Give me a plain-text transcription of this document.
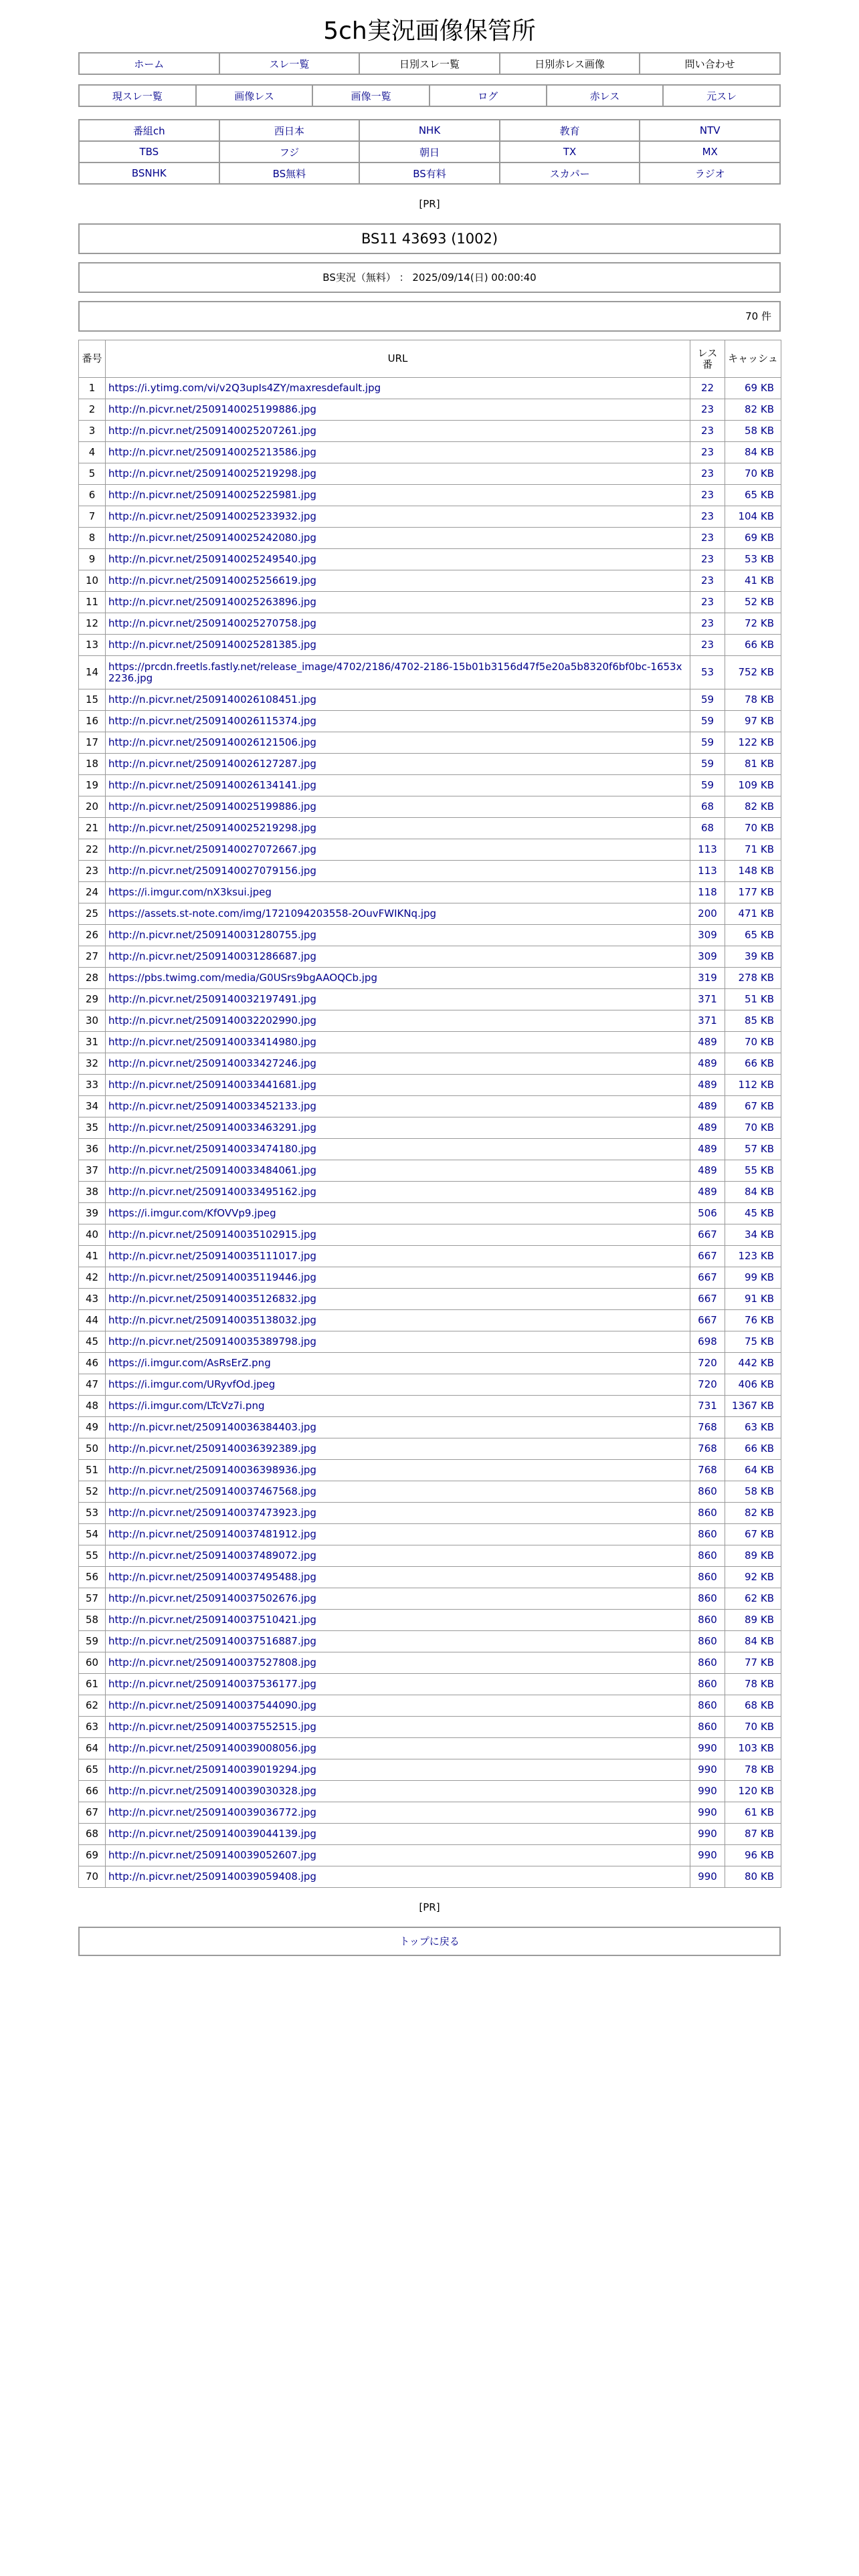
5ch実況画像保管所
ホーム	スレ一覧	日別スレ一覧	日別赤レス画像	問い合わせ
現スレ一覧	画像レス	画像一覧	ログ	赤レス	元スレ
番組ch	西日本	NHK	教育	NTV
TBS	フジ	朝日	TX	MX
BSNHK	BS無料	BS有料	スカパー	ラジオ
[PR]
BS11 43693 (1002)
BS実況（無料） ： 2025/09/14(日) 00:00:40
70 件
番号	URL	レス番	キャッシュ
1	https://i.ytimg.com/vi/v2Q3upIs4ZY/maxresdefault.jpg	22	69 KB
2	http://n.picvr.net/2509140025199886.jpg	23	82 KB
3	http://n.picvr.net/2509140025207261.jpg	23	58 KB
4	http://n.picvr.net/2509140025213586.jpg	23	84 KB
5	http://n.picvr.net/2509140025219298.jpg	23	70 KB
6	http://n.picvr.net/2509140025225981.jpg	23	65 KB
7	http://n.picvr.net/2509140025233932.jpg	23	104 KB
8	http://n.picvr.net/2509140025242080.jpg	23	69 KB
9	http://n.picvr.net/2509140025249540.jpg	23	53 KB
10	http://n.picvr.net/2509140025256619.jpg	23	41 KB
11	http://n.picvr.net/2509140025263896.jpg	23	52 KB
12	http://n.picvr.net/2509140025270758.jpg	23	72 KB
13	http://n.picvr.net/2509140025281385.jpg	23	66 KB
14	https://prcdn.freetls.fastly.net/release_image/4702/2186/4702-2186-15b01b3156d47f5e20a5b8320f6bf0bc-1653x2236.jpg	53	752 KB
15	http://n.picvr.net/2509140026108451.jpg	59	78 KB
16	http://n.picvr.net/2509140026115374.jpg	59	97 KB
17	http://n.picvr.net/2509140026121506.jpg	59	122 KB
18	http://n.picvr.net/2509140026127287.jpg	59	81 KB
19	http://n.picvr.net/2509140026134141.jpg	59	109 KB
20	http://n.picvr.net/2509140025199886.jpg	68	82 KB
21	http://n.picvr.net/2509140025219298.jpg	68	70 KB
22	http://n.picvr.net/2509140027072667.jpg	113	71 KB
23	http://n.picvr.net/2509140027079156.jpg	113	148 KB
24	https://i.imgur.com/nX3ksui.jpeg	118	177 KB
25	https://assets.st-note.com/img/1721094203558-2OuvFWIKNq.jpg	200	471 KB
26	http://n.picvr.net/2509140031280755.jpg	309	65 KB
27	http://n.picvr.net/2509140031286687.jpg	309	39 KB
28	https://pbs.twimg.com/media/G0USrs9bgAAOQCb.jpg	319	278 KB
29	http://n.picvr.net/2509140032197491.jpg	371	51 KB
30	http://n.picvr.net/2509140032202990.jpg	371	85 KB
31	http://n.picvr.net/2509140033414980.jpg	489	70 KB
32	http://n.picvr.net/2509140033427246.jpg	489	66 KB
33	http://n.picvr.net/2509140033441681.jpg	489	112 KB
34	http://n.picvr.net/2509140033452133.jpg	489	67 KB
35	http://n.picvr.net/2509140033463291.jpg	489	70 KB
36	http://n.picvr.net/2509140033474180.jpg	489	57 KB
37	http://n.picvr.net/2509140033484061.jpg	489	55 KB
38	http://n.picvr.net/2509140033495162.jpg	489	84 KB
39	https://i.imgur.com/KfOVVp9.jpeg	506	45 KB
40	http://n.picvr.net/2509140035102915.jpg	667	34 KB
41	http://n.picvr.net/2509140035111017.jpg	667	123 KB
42	http://n.picvr.net/2509140035119446.jpg	667	99 KB
43	http://n.picvr.net/2509140035126832.jpg	667	91 KB
44	http://n.picvr.net/2509140035138032.jpg	667	76 KB
45	http://n.picvr.net/2509140035389798.jpg	698	75 KB
46	https://i.imgur.com/AsRsErZ.png	720	442 KB
47	https://i.imgur.com/URyvfOd.jpeg	720	406 KB
48	https://i.imgur.com/LTcVz7i.png	731	1367 KB
49	http://n.picvr.net/2509140036384403.jpg	768	63 KB
50	http://n.picvr.net/2509140036392389.jpg	768	66 KB
51	http://n.picvr.net/2509140036398936.jpg	768	64 KB
52	http://n.picvr.net/2509140037467568.jpg	860	58 KB
53	http://n.picvr.net/2509140037473923.jpg	860	82 KB
54	http://n.picvr.net/2509140037481912.jpg	860	67 KB
55	http://n.picvr.net/2509140037489072.jpg	860	89 KB
56	http://n.picvr.net/2509140037495488.jpg	860	92 KB
57	http://n.picvr.net/2509140037502676.jpg	860	62 KB
58	http://n.picvr.net/2509140037510421.jpg	860	89 KB
59	http://n.picvr.net/2509140037516887.jpg	860	84 KB
60	http://n.picvr.net/2509140037527808.jpg	860	77 KB
61	http://n.picvr.net/2509140037536177.jpg	860	78 KB
62	http://n.picvr.net/2509140037544090.jpg	860	68 KB
63	http://n.picvr.net/2509140037552515.jpg	860	70 KB
64	http://n.picvr.net/2509140039008056.jpg	990	103 KB
65	http://n.picvr.net/2509140039019294.jpg	990	78 KB
66	http://n.picvr.net/2509140039030328.jpg	990	120 KB
67	http://n.picvr.net/2509140039036772.jpg	990	61 KB
68	http://n.picvr.net/2509140039044139.jpg	990	87 KB
69	http://n.picvr.net/2509140039052607.jpg	990	96 KB
70	http://n.picvr.net/2509140039059408.jpg	990	80 KB
[PR]
トップに戻る
